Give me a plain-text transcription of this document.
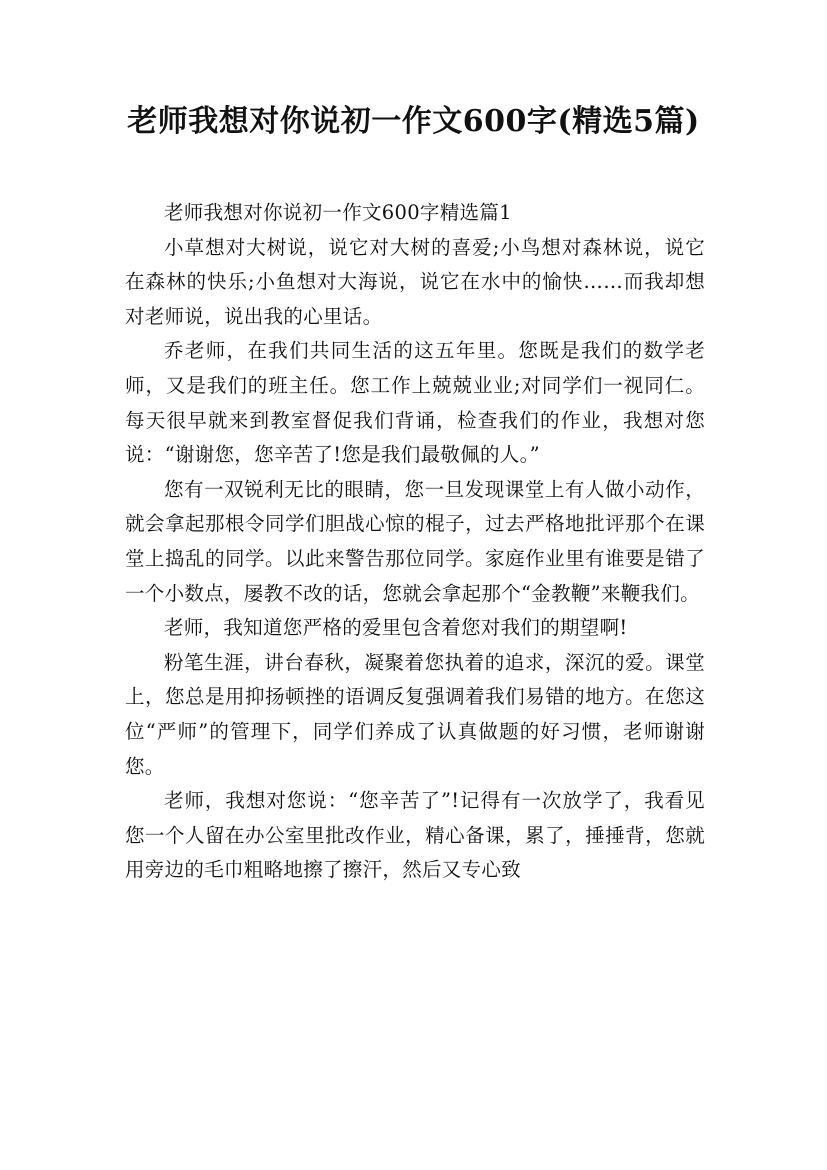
老师我想对你说初一作文600字(精选5篇)

老师我想对你说初一作文600字精选篇1

小草想对大树说，说它对大树的喜爱;小鸟想对森林说，说它在森林的快乐;小鱼想对大海说，说它在水中的愉快……而我却想对老师说，说出我的心里话。

乔老师，在我们共同生活的这五年里。您既是我们的数学老师，又是我们的班主任。您工作上兢兢业业;对同学们一视同仁。每天很早就来到教室督促我们背诵，检查我们的作业，我想对您说：“谢谢您，您辛苦了!您是我们最敬佩的人。”

您有一双锐利无比的眼睛，您一旦发现课堂上有人做小动作，就会拿起那根令同学们胆战心惊的棍子，过去严格地批评那个在课堂上捣乱的同学。以此来警告那位同学。家庭作业里有谁要是错了一个小数点，屡教不改的话，您就会拿起那个“金教鞭”来鞭我们。

老师，我知道您严格的爱里包含着您对我们的期望啊!

粉笔生涯，讲台春秋，凝聚着您执着的追求，深沉的爱。课堂上，您总是用抑扬顿挫的语调反复强调着我们易错的地方。在您这位“严师”的管理下，同学们养成了认真做题的好习惯，老师谢谢您。

老师，我想对您说：“您辛苦了”!记得有一次放学了，我看见您一个人留在办公室里批改作业，精心备课，累了，捶捶背，您就用旁边的毛巾粗略地擦了擦汗，然后又专心致
